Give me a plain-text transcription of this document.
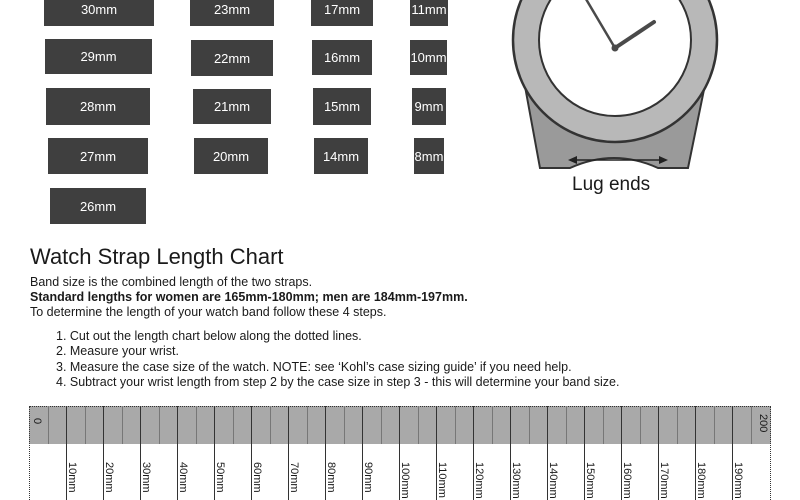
30mm
29mm
28mm
27mm
26mm
23mm
22mm
21mm
20mm
17mm
16mm
15mm
14mm
11mm
10mm
9mm
8mm
Lug ends
Watch Strap Length Chart
Band size is the combined length of the two straps.
Standard lengths for women are 165mm-180mm; men are 184mm-197mm.
To determine the length of your watch band follow these 4 steps.
1. Cut out the length chart below along the dotted lines.
2. Measure your wrist.
3. Measure the case size of the watch. NOTE: see ‘Kohl’s case sizing guide’ if you need help.
4. Subtract your wrist length from step 2 by the case size in step 3 - this will determine your band size.
0	200
10mm 20mm 30mm 40mm 50mm 60mm 70mm 80mm 90mm 100mm 110mm 120mm 130mm 140mm 150mm 160mm 170mm 180mm 190mm
